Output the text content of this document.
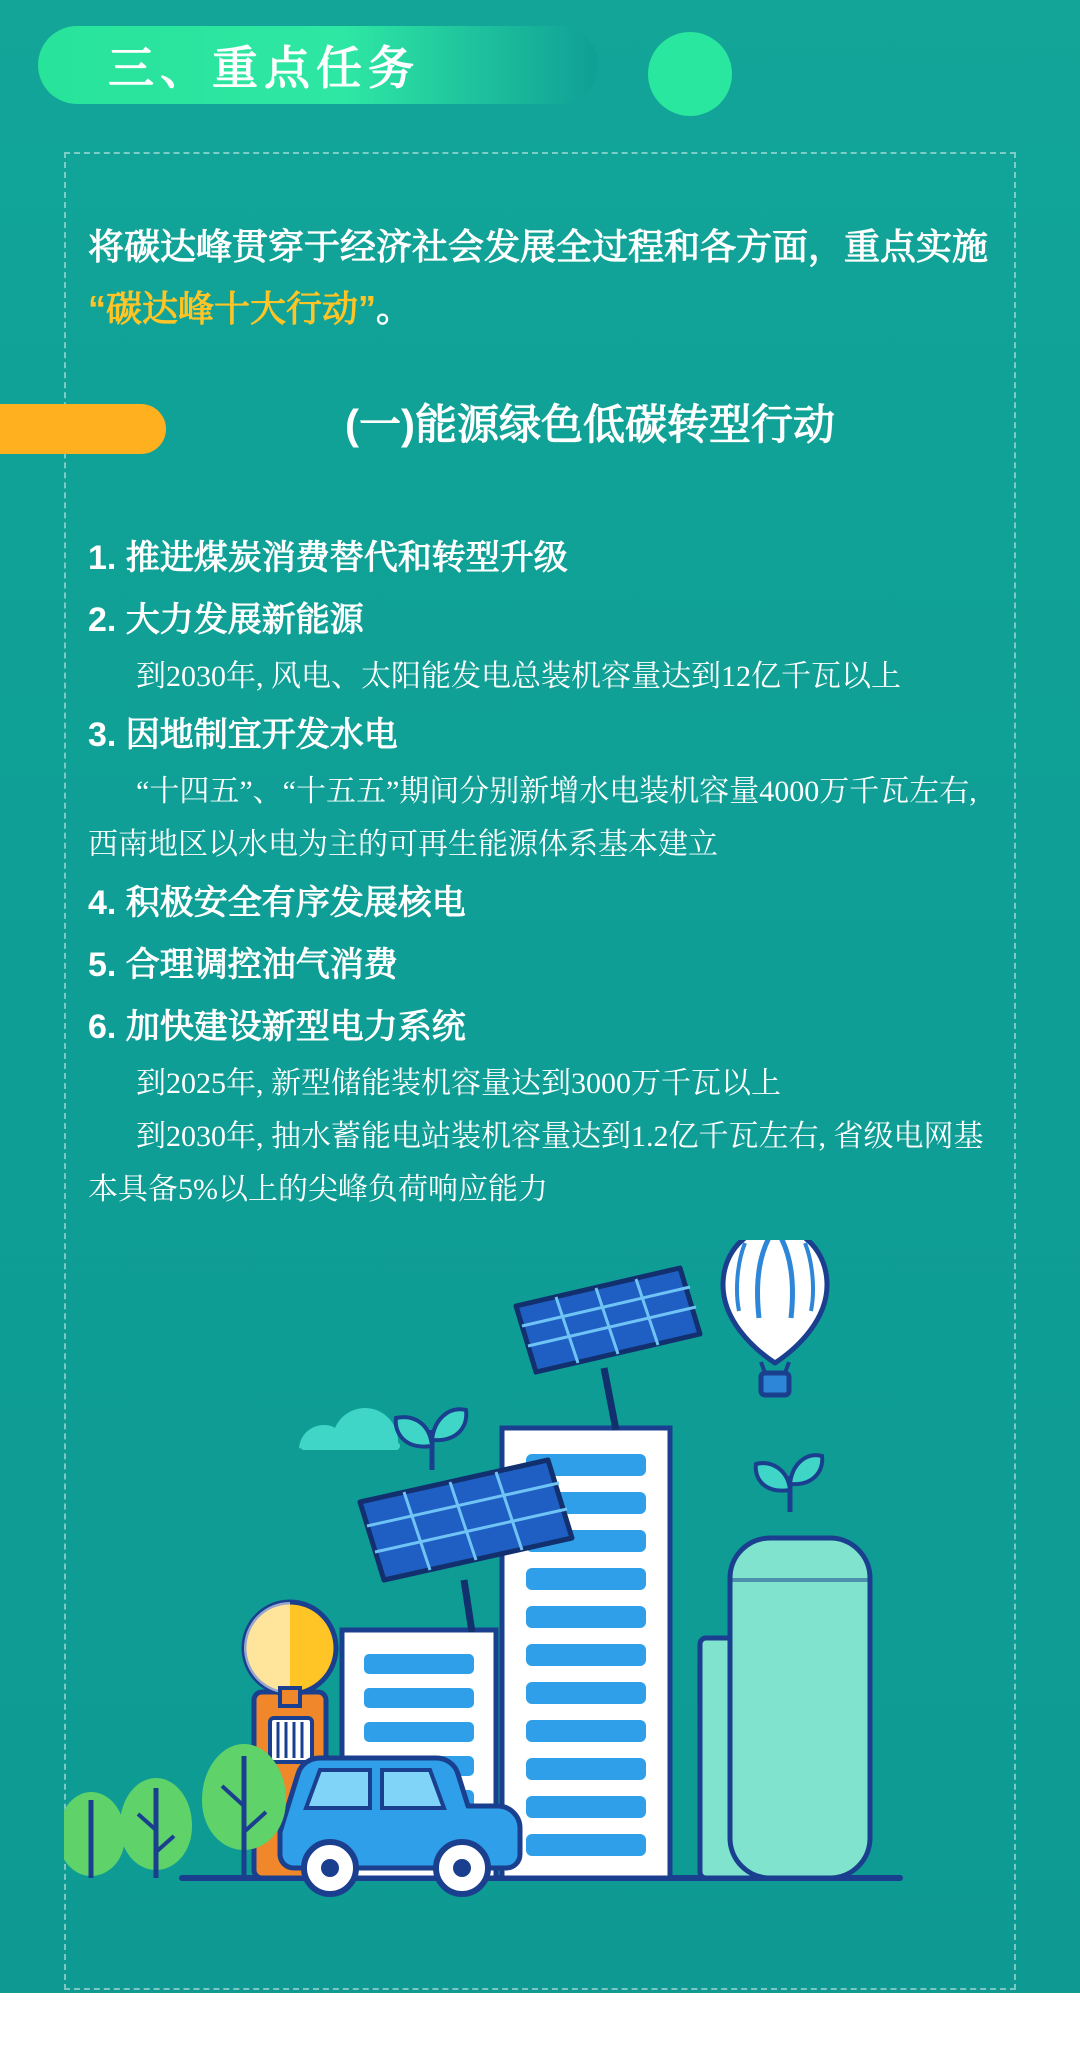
三、重点任务
将碳达峰贯穿于经济社会发展全过程和各方面，重点实施“碳达峰十大行动”。
(一)能源绿色低碳转型行动
1. 推进煤炭消费替代和转型升级
2. 大力发展新能源
到2030年, 风电、太阳能发电总装机容量达到12亿千瓦以上
3. 因地制宜开发水电
“十四五”、“十五五”期间分别新增水电装机容量4000万千瓦左右, 西南地区以水电为主的可再生能源体系基本建立
4. 积极安全有序发展核电
5. 合理调控油气消费
6. 加快建设新型电力系统
到2025年, 新型储能装机容量达到3000万千瓦以上
到2030年, 抽水蓄能电站装机容量达到1.2亿千瓦左右, 省级电网基本具备5%以上的尖峰负荷响应能力
